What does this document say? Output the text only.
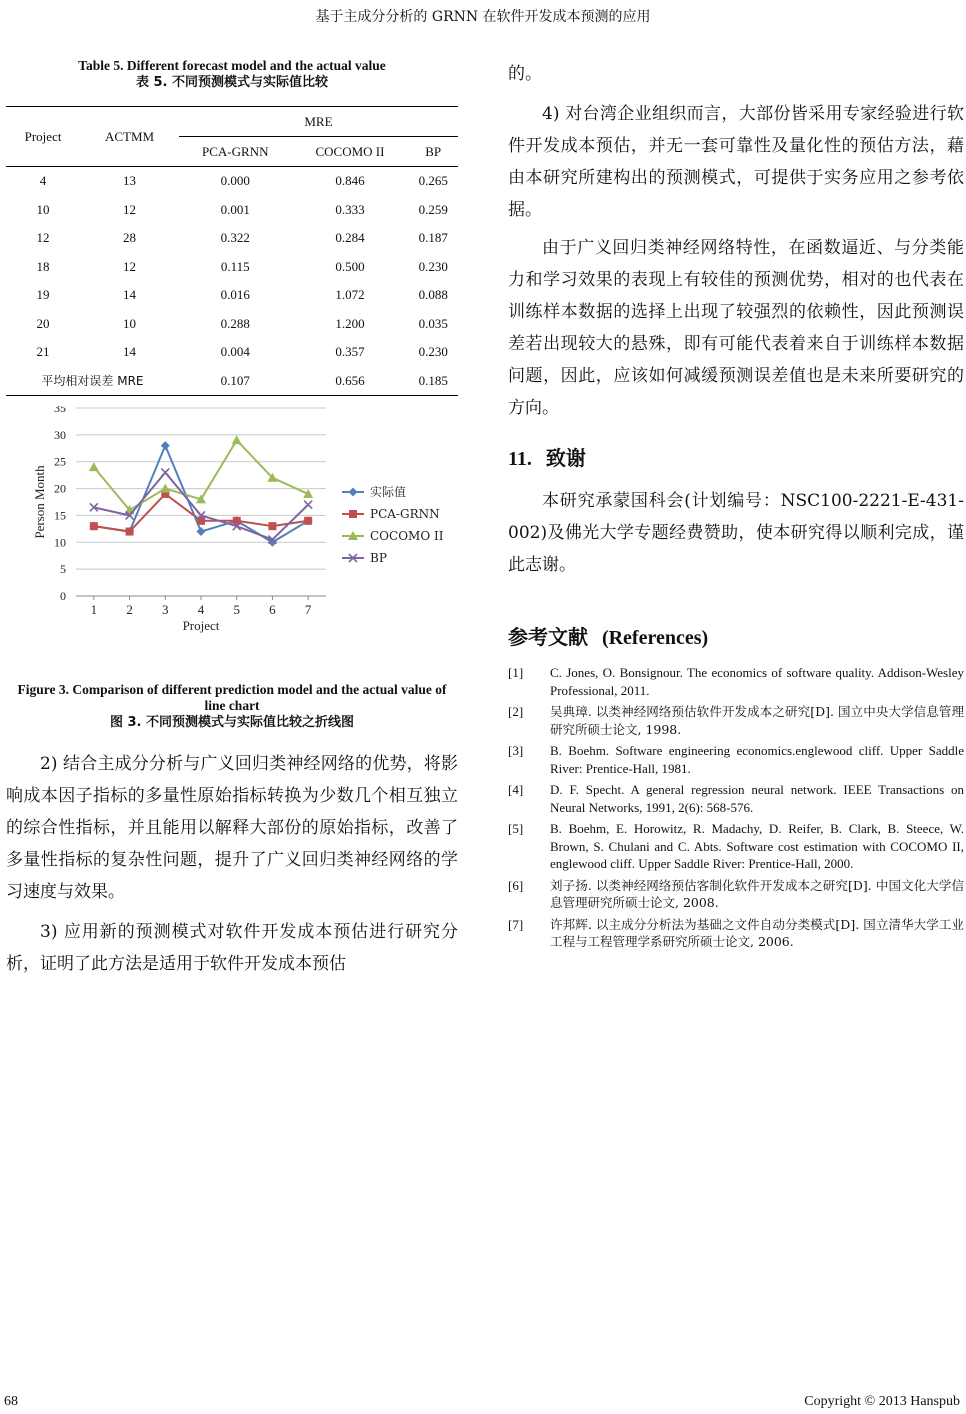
基于主成分分析的 GRNN 在软件开发成本预测的应用
Table 5. Different forecast model and the actual value
表 5. 不同预测模式与实际值比较
Project	ACTMM	MRE		
		PCA-GRNN	COCOMO II	BP
4	13	0.000	0.846	0.265
10	12	0.001	0.333	0.259
12	28	0.322	0.284	0.187
18	12	0.115	0.500	0.230
19	14	0.016	1.072	0.088
20	10	0.288	1.200	0.035
21	14	0.004	0.357	0.230
平均相对误差 MRE		0.107	0.656	0.185
0
5
10
15
20
25
30
35
1 2 3 4 5 6 7
Project
Person Month	实际值
PCA-GRNN
COCOMO II
BP
Figure 3. Comparison of different prediction model and the actual value of line chart
图 3. 不同预测模式与实际值比较之折线图

2) 结合主成分分析与广义回归类神经网络的优势，将影响成本因子指标的多量性原始指标转换为少数几个相互独立的综合性指标，并且能用以解释大部份的原始指标，改善了多量性指标的复杂性问题，提升了广义回归类神经网络的学习速度与效果。

3) 应用新的预测模式对软件开发成本预估进行研究分析，证明了此方法是适用于软件开发成本预估

的。

4) 对台湾企业组织而言，大部份皆采用专家经验进行软件开发成本预估，并无一套可靠性及量化性的预估方法，藉由本研究所建构出的预测模式，可提供于实务应用之参考依据。

由于广义回归类神经网络特性，在函数逼近、与分类能力和学习效果的表现上有较佳的预测优势，相对的也代表在训练样本数据的选择上出现了较强烈的依赖性，因此预测误差若出现较大的悬殊，即有可能代表着来自于训练样本数据问题，因此，应该如何减缓预测误差值也是未来所要研究的方向。

11. 致谢

本研究承蒙国科会(计划编号：NSC100-2221-E-431-002)及佛光大学专题经费赞助，使本研究得以顺利完成，谨此志谢。

参考文献 (References)
[1]	C. Jones, O. Bonsignour. The economics of software quality. Addison-Wesley Professional, 2011.
[2]	吴典璋. 以类神经网络预估软件开发成本之研究[D]. 国立中央大学信息管理研究所硕士论文, 1998.
[3]	B. Boehm. Software engineering economics.englewood cliff. Upper Saddle River: Prentice-Hall, 1981.
[4]	D. F. Specht. A general regression neural network. IEEE Transactions on Neural Networks, 1991, 2(6): 568-576.
[5]	B. Boehm, E. Horowitz, R. Madachy, D. Reifer, B. Clark, B. Steece, W. Brown, S. Chulani and C. Abts. Software cost estimation with COCOMO II, englewood cliff. Upper Saddle River: Prentice-Hall, 2000.
[6]	刘子扬. 以类神经网络预估客制化软件开发成本之研究[D]. 中国文化大学信息管理研究所硕士论文, 2008.
[7]	许邦辉. 以主成分分析法为基础之文件自动分类模式[D]. 国立清华大学工业工程与工程管理学系研究所硕士论文, 2006.
68	Copyright © 2013 Hanspub
